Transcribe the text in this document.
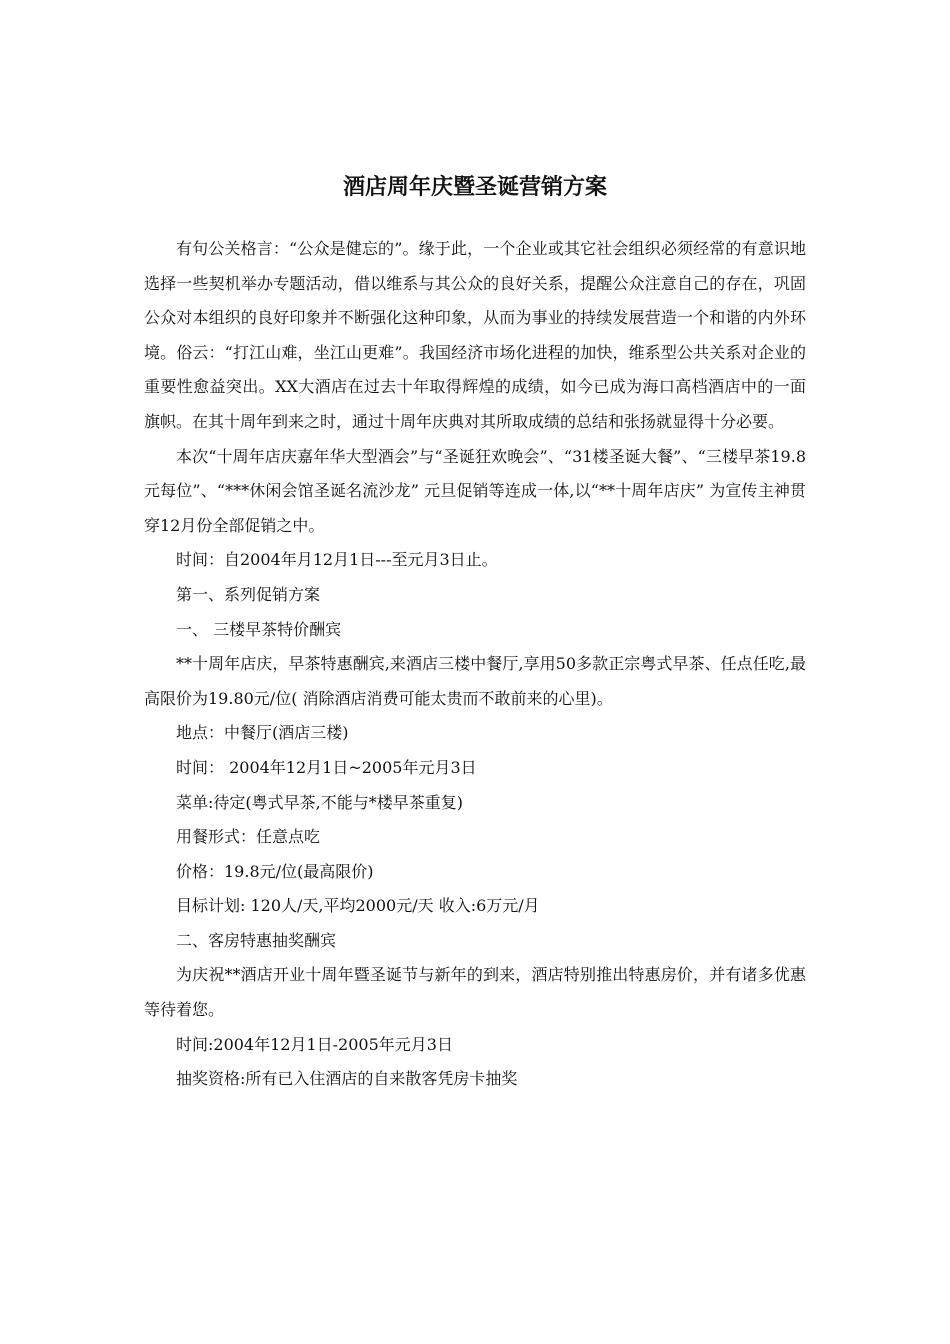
酒店周年庆暨圣诞营销方案

有句公关格言：“公众是健忘的”。缘于此，一个企业或其它社会组织必须经常的有意识地选择一些契机举办专题活动，借以维系与其公众的良好关系，提醒公众注意自己的存在，巩固公众对本组织的良好印象并不断强化这种印象，从而为事业的持续发展营造一个和谐的内外环境。俗云：“打江山难，坐江山更难”。我国经济市场化进程的加快，维系型公共关系对企业的重要性愈益突出。XX大酒店在过去十年取得辉煌的成绩，如今已成为海口高档酒店中的一面旗帜。在其十周年到来之时，通过十周年庆典对其所取成绩的总结和张扬就显得十分必要。

本次“十周年店庆嘉年华大型酒会”与“圣诞狂欢晚会”、“31楼圣诞大餐”、“三楼早茶19.8元每位”、“***休闲会馆圣诞名流沙龙” 元旦促销等连成一体,以“**十周年店庆” 为宣传主神贯穿12月份全部促销之中。

时间：自2004年月12月1日---至元月3日止。

第一、系列促销方案

一、 三楼早茶特价酬宾

**十周年店庆，早茶特惠酬宾,来酒店三楼中餐厅,享用50多款正宗粤式早茶、任点任吃,最高限价为19.80元/位( 消除酒店消费可能太贵而不敢前来的心里)。

地点：中餐厅(酒店三楼)

时间： 2004年12月1日~2005年元月3日

菜单:待定(粤式早茶,不能与*楼早茶重复)

用餐形式：任意点吃

价格：19.8元/位(最高限价)

目标计划: 120人/天,平均2000元/天 收入:6万元/月

二、客房特惠抽奖酬宾

为庆祝**酒店开业十周年暨圣诞节与新年的到来，酒店特别推出特惠房价，并有诸多优惠等待着您。

时间:2004年12月1日-2005年元月3日

抽奖资格:所有已入住酒店的自来散客凭房卡抽奖
